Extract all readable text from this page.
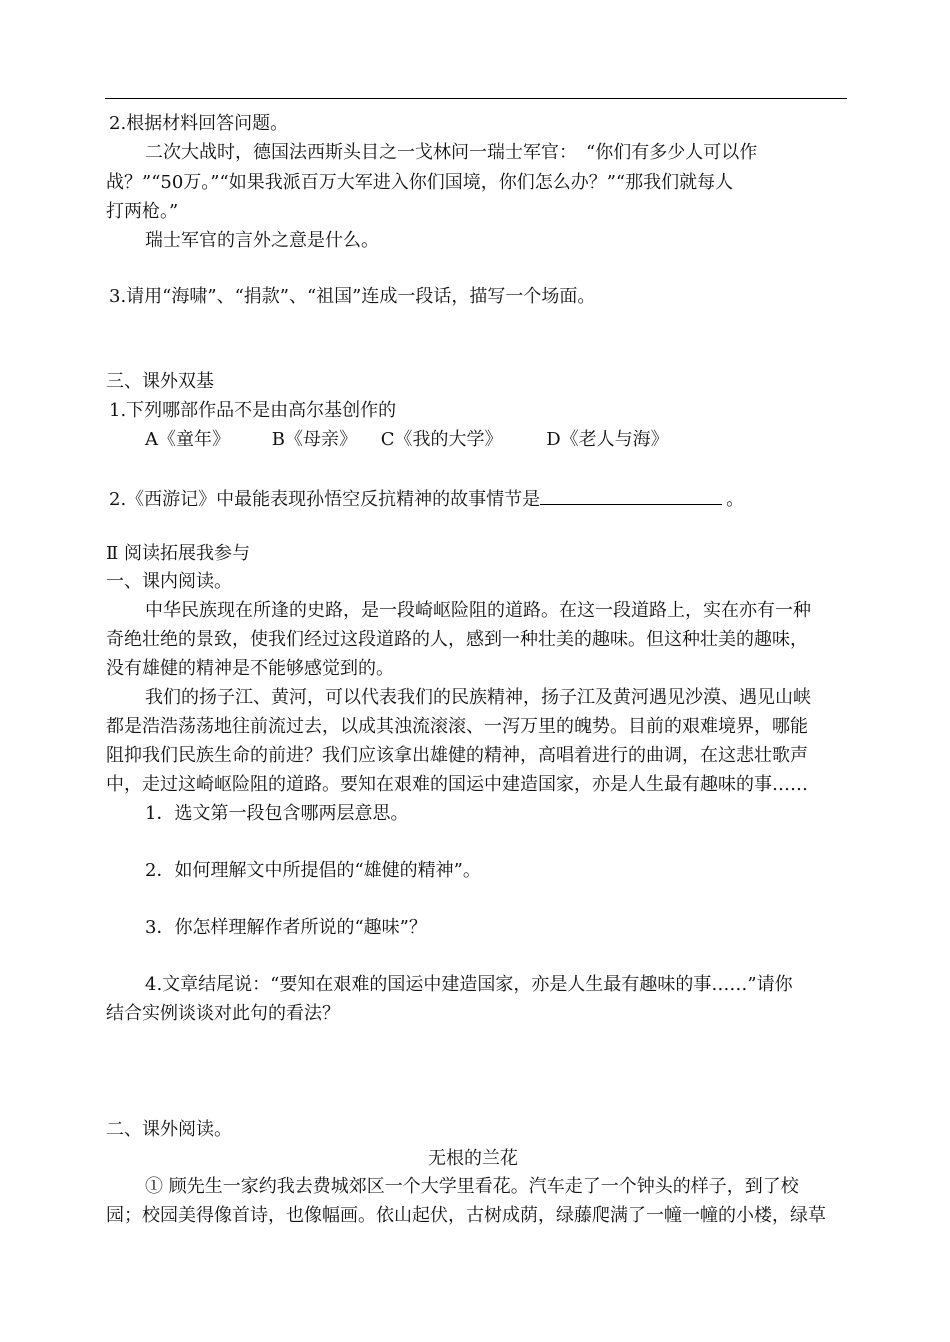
2.根据材料回答问题。
二次大战时，德国法西斯头目之一戈林问一瑞士军官：　“你们有多少人可以作
战？”“50万。”“如果我派百万大军进入你们国境，你们怎么办？”“那我们就每人
打两枪。”
瑞士军官的言外之意是什么。
3.请用“海啸”、“捐款”、“祖国”连成一段话，描写一个场面。
三、课外双基
1.下列哪部作品不是由高尔基创作的
A《童年》 B《母亲》 C《我的大学》 D《老人与海》
2.《西游记》中最能表现孙悟空反抗精神的故事情节是	。
Ⅱ 阅读拓展我参与
一、课内阅读。
中华民族现在所逢的史路，是一段崎岖险阻的道路。在这一段道路上，实在亦有一种
奇绝壮绝的景致，使我们经过这段道路的人，感到一种壮美的趣味。但这种壮美的趣味，
没有雄健的精神是不能够感觉到的。
我们的扬子江、黄河，可以代表我们的民族精神，扬子江及黄河遇见沙漠、遇见山峡
都是浩浩荡荡地往前流过去，以成其浊流滚滚、一泻万里的魄势。目前的艰难境界，哪能
阻抑我们民族生命的前进？我们应该拿出雄健的精神，高唱着进行的曲调，在这悲壮歌声
中，走过这崎岖险阻的道路。要知在艰难的国运中建造国家，亦是人生最有趣味的事……
1．选文第一段包含哪两层意思。
2．如何理解文中所提倡的“雄健的精神”。
3．你怎样理解作者所说的“趣味”？
4.文章结尾说：“要知在艰难的国运中建造国家，亦是人生最有趣味的事……”请你
结合实例谈谈对此句的看法？
二、课外阅读。
无根的兰花
① 顾先生一家约我去费城郊区一个大学里看花。汽车走了一个钟头的样子，到了校
园；校园美得像首诗，也像幅画。依山起伏，古树成荫，绿藤爬满了一幢一幢的小楼，绿草
